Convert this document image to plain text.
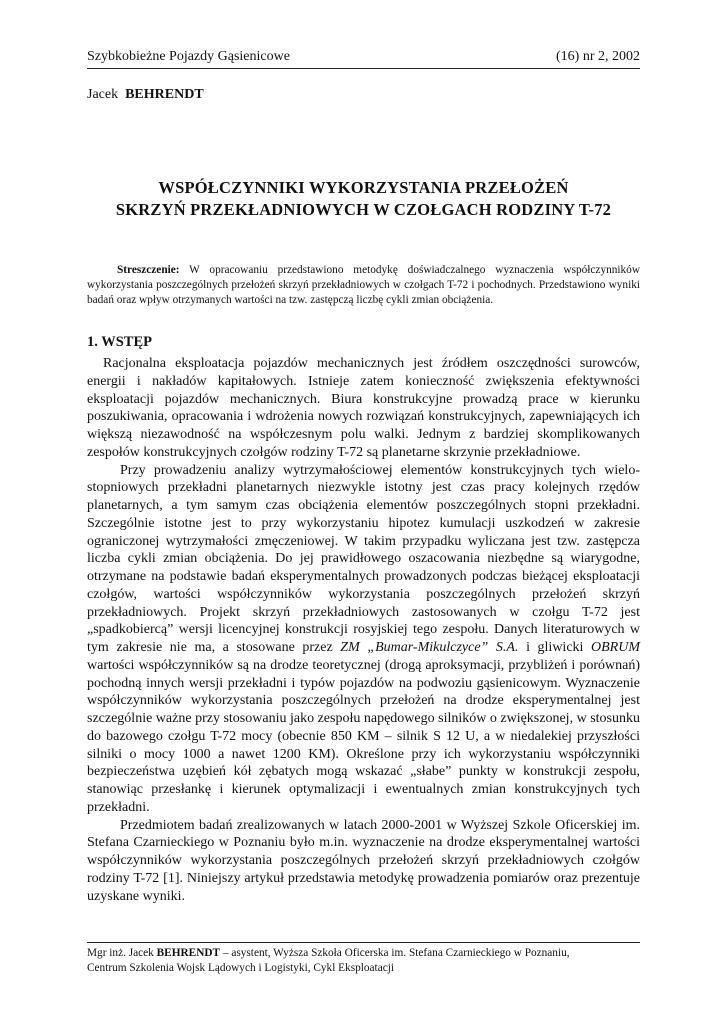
Szybkobieżne Pojazdy Gąsienicowe	(16) nr 2, 2002
Jacek BEHRENDT
WSPÓŁCZYNNIKI WYKORZYSTANIA PRZEŁOŻEŃ
SKRZYŃ PRZEKŁADNIOWYCH W CZOŁGACH RODZINY T-72
Streszczenie: W opracowaniu przedstawiono metodykę doświadczalnego wyznaczenia współczynników wykorzystania poszczególnych przełożeń skrzyń przekładniowych w czołgach T-72 i pochodnych. Przedstawiono wyniki badań oraz wpływ otrzymanych wartości na tzw. zastępczą liczbę cykli zmian obciążenia.
1. WSTĘP

Racjonalna eksploatacja pojazdów mechanicznych jest źródłem oszczędności surowców, energii i nakładów kapitałowych. Istnieje zatem konieczność zwiększenia efektywności eksploatacji pojazdów mechanicznych. Biura konstrukcyjne prowadzą prace w kierunku poszukiwania, opracowania i wdrożenia nowych rozwiązań konstrukcyjnych, zapewniających ich większą niezawodność na współczesnym polu walki. Jednym z bardziej skomplikowanych zespołów konstrukcyjnych czołgów rodziny T-72 są planetarne skrzynie przekładniowe.

Przy prowadzeniu analizy wytrzymałościowej elementów konstrukcyjnych tych wielo-stopniowych przekładni planetarnych niezwykle istotny jest czas pracy kolejnych rzędów planetarnych, a tym samym czas obciążenia elementów poszczególnych stopni przekładni. Szczególnie istotne jest to przy wykorzystaniu hipotez kumulacji uszkodzeń w zakresie ograniczonej wytrzymałości zmęczeniowej. W takim przypadku wyliczana jest tzw. zastępcza liczba cykli zmian obciążenia. Do jej prawidłowego oszacowania niezbędne są wiarygodne, otrzymane na podstawie badań eksperymentalnych prowadzonych podczas bieżącej eksploatacji czołgów, wartości współczynników wykorzystania poszczególnych przełożeń skrzyń przekładniowych. Projekt skrzyń przekładniowych zastosowanych w czołgu T-72 jest „spadkobiercą” wersji licencyjnej konstrukcji rosyjskiej tego zespołu. Danych literaturowych w tym zakresie nie ma, a stosowane przez ZM „Bumar-Mikulczyce” S.A. i gliwicki OBRUM wartości współczynników są na drodze teoretycznej (drogą aproksymacji, przybliżeń i porównań) pochodną innych wersji przekładni i typów pojazdów na podwoziu gąsienicowym. Wyznaczenie współczynników wykorzystania poszczególnych przełożeń na drodze eksperymentalnej jest szczególnie ważne przy stosowaniu jako zespołu napędowego silników o zwiększonej, w stosunku do bazowego czołgu T-72 mocy (obecnie 850 KM – silnik S 12 U, a w niedalekiej przyszłości silniki o mocy 1000 a nawet 1200 KM). Określone przy ich wykorzystaniu współczynniki bezpieczeństwa uzębień kół zębatych mogą wskazać „słabe” punkty w konstrukcji zespołu, stanowiąc przesłankę i kierunek optymalizacji i ewentualnych zmian konstrukcyjnych tych przekładni.

Przedmiotem badań zrealizowanych w latach 2000-2001 w Wyższej Szkole Oficerskiej im. Stefana Czarnieckiego w Poznaniu było m.in. wyznaczenie na drodze eksperymentalnej wartości współczynników wykorzystania poszczególnych przełożeń skrzyń przekładniowych czołgów rodziny T-72 [1]. Niniejszy artykuł przedstawia metodykę prowadzenia pomiarów oraz prezentuje uzyskane wyniki.

Mgr inż. Jacek BEHRENDT – asystent, Wyższa Szkoła Oficerska im. Stefana Czarnieckiego w Poznaniu,
Centrum Szkolenia Wojsk Lądowych i Logistyki, Cykl Eksploatacji
